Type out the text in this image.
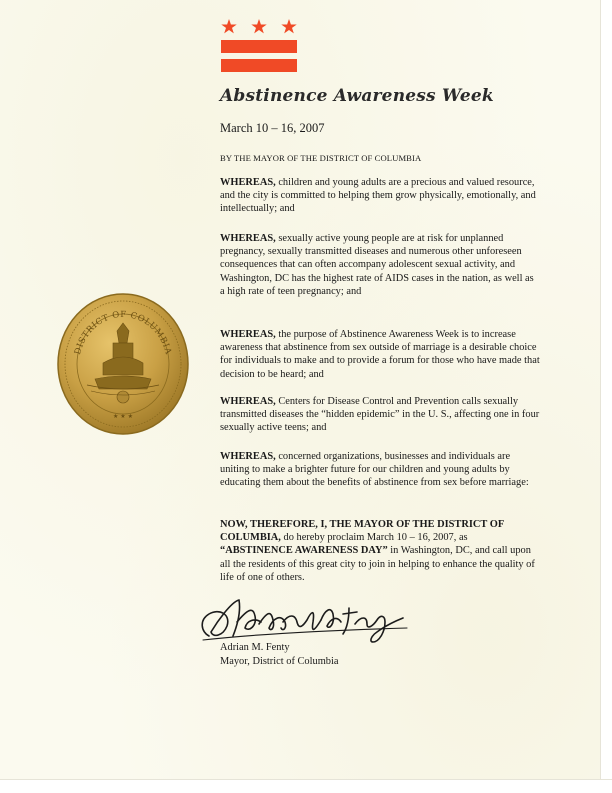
Abstinence Awareness Week
March 10 – 16, 2007
BY THE MAYOR OF THE DISTRICT OF COLUMBIA

WHEREAS, children and young adults are a precious and valued resource, and the city is committed to helping them grow physically, emotionally, and intellectually; and

WHEREAS, sexually active young people are at risk for unplanned pregnancy, sexually transmitted diseases and numerous other unforeseen consequences that can often accompany adolescent sexual activity, and Washington, DC has the highest rate of AIDS cases in the nation, as well as a high rate of teen pregnancy; and

WHEREAS, the purpose of Abstinence Awareness Week is to increase awareness that abstinence from sex outside of marriage is a desirable choice for individuals to make and to provide a forum for those who have made that decision to be heard; and

WHEREAS, Centers for Disease Control and Prevention calls sexually transmitted diseases the “hidden epidemic” in the U. S., affecting one in four sexually active teens; and

WHEREAS, concerned organizations, businesses and individuals are uniting to make a brighter future for our children and young adults by educating them about the benefits of abstinence from sex before marriage:

NOW, THEREFORE, I, THE MAYOR OF THE DISTRICT OF COLUMBIA, do hereby proclaim March 10 – 16, 2007, as “ABSTINENCE AWARENESS DAY” in Washington, DC, and call upon all the residents of this great city to join in helping to enhance the quality of life of one of others.

DISTRICT OF COLUMBIA
★ ★ ★
Adrian M. Fenty
Mayor, District of Columbia
